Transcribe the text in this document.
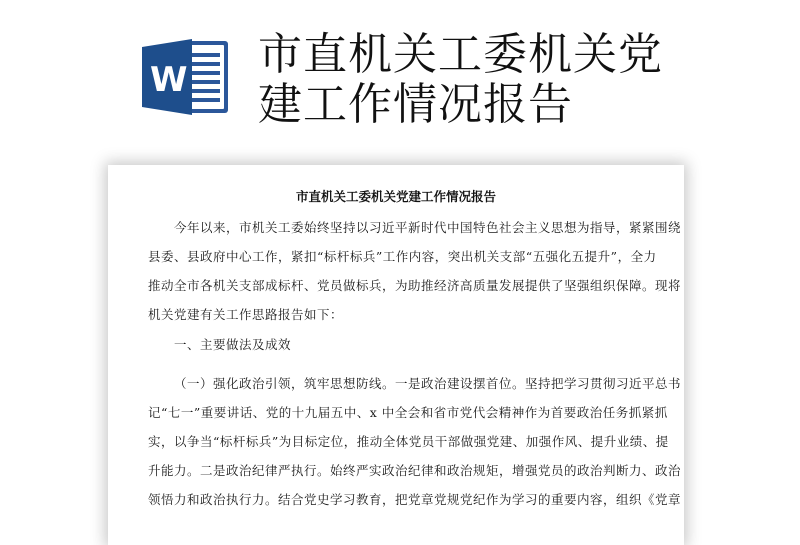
W 市直机关工委机关党
建工作情况报告
市直机关工委机关党建工作情况报告
今年以来，市机关工委始终坚持以习近平新时代中国特色社会主义思想为指导，紧紧围绕
县委、县政府中心工作，紧扣“标杆标兵”工作内容，突出机关支部“五强化五提升”，全力
推动全市各机关支部成标杆、党员做标兵，为助推经济高质量发展提供了坚强组织保障。现将
机关党建有关工作思路报告如下：
一、主要做法及成效
（一）强化政治引领，筑牢思想防线。一是政治建设摆首位。坚持把学习贯彻习近平总书
记“七一”重要讲话、党的十九届五中、x 中全会和省市党代会精神作为首要政治任务抓紧抓
实，以争当“标杆标兵”为目标定位，推动全体党员干部做强党建、加强作风、提升业绩、提
升能力。二是政治纪律严执行。始终严实政治纪律和政治规矩，增强党员的政治判断力、政治
领悟力和政治执行力。结合党史学习教育，把党章党规党纪作为学习的重要内容，组织《党章
